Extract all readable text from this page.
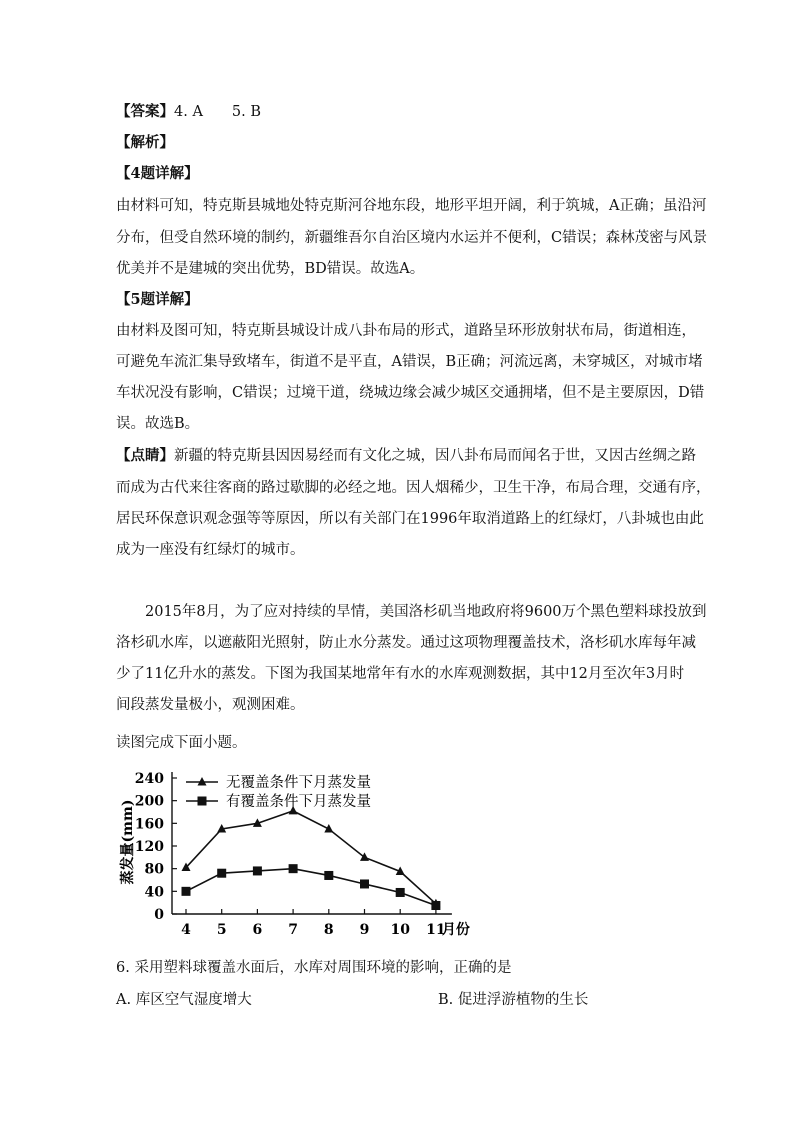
【答案】4. A　　5. B
【解析】
【4题详解】
由材料可知，特克斯县城地处特克斯河谷地东段，地形平坦开阔，利于筑城，A正确；虽沿河
分布，但受自然环境的制约，新疆维吾尔自治区境内水运并不便利，C错误；森林茂密与风景
优美并不是建城的突出优势，BD错误。故选A。
【5题详解】
由材料及图可知，特克斯县城设计成八卦布局的形式，道路呈环形放射状布局，街道相连，
可避免车流汇集导致堵车，街道不是平直，A错误，B正确；河流远离，未穿城区，对城市堵
车状况没有影响，C错误；过境干道，绕城边缘会减少城区交通拥堵，但不是主要原因，D错
误。故选B。
【点睛】新疆的特克斯县因因易经而有文化之城，因八卦布局而闻名于世，又因古丝绸之路
而成为古代来往客商的路过歇脚的必经之地。因人烟稀少，卫生干净，布局合理，交通有序，
居民环保意识观念强等等原因，所以有关部门在1996年取消道路上的红绿灯，八卦城也由此
成为一座没有红绿灯的城市。
　　2015年8月，为了应对持续的旱情，美国洛杉矶当地政府将9600万个黑色塑料球投放到
洛杉矶水库，以遮蔽阳光照射，防止水分蒸发。通过这项物理覆盖技术，洛杉矶水库每年减
少了11亿升水的蒸发。下图为我国某地常年有水的水库观测数据，其中12月至次年3月时
间段蒸发量极小，观测困难。
读图完成下面小题。
0
40
80
120
160
200
240
4 5 6 7 8 9 10 11
月份
蒸发量(mm)
无覆盖条件下月蒸发量
有覆盖条件下月蒸发量
6. 采用塑料球覆盖水面后，水库对周围环境的影响，正确的是
A. 库区空气湿度增大	B. 促进浮游植物的生长
